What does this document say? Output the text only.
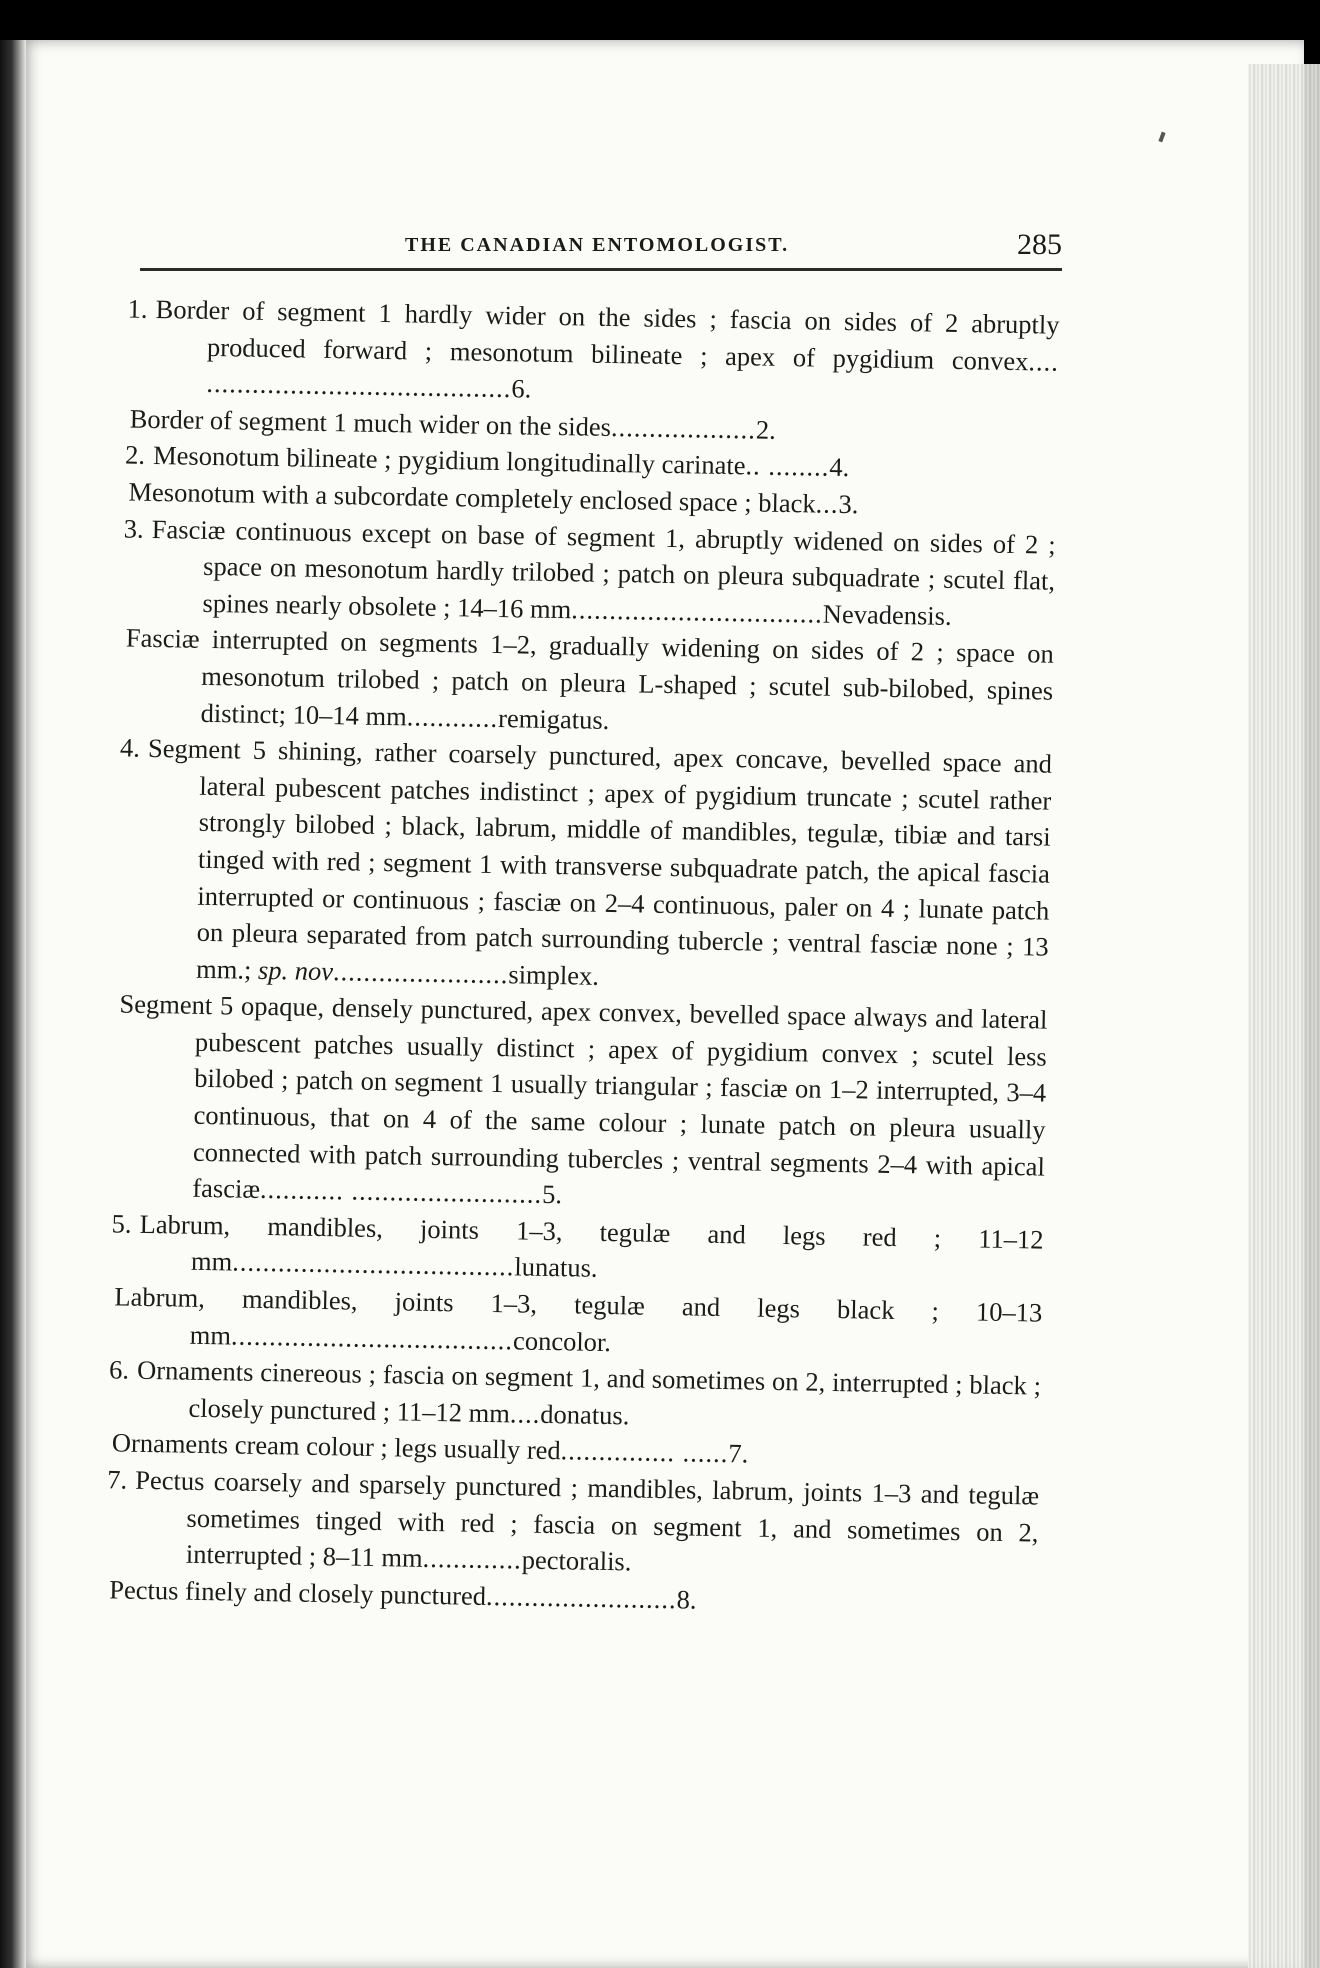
THE CANADIAN ENTOMOLOGIST.	285

1. Border of segment 1 hardly wider on the sides ; fascia on sides of 2 abruptly produced forward ; mesonotum bilineate ; apex of pygidium convex.... ........................................6.

Border of segment 1 much wider on the sides...................2.

2. Mesonotum bilineate ; pygidium longitudinally carinate.. ........4.

Mesonotum with a subcordate completely enclosed space ; black...3.

3. Fasciæ continuous except on base of segment 1, abruptly widened on sides of 2 ; space on mesonotum hardly trilobed ; patch on pleura subquadrate ; scutel flat, spines nearly obsolete ; 14–16 mm.................................Nevadensis.

Fasciæ interrupted on segments 1–2, gradually widening on sides of 2 ; space on mesonotum trilobed ; patch on pleura L-shaped ; scutel sub-bilobed, spines distinct; 10–14 mm............remigatus.

4. Segment 5 shining, rather coarsely punctured, apex concave, bevelled space and lateral pubescent patches indistinct ; apex of pygidium truncate ; scutel rather strongly bilobed ; black, labrum, middle of mandibles, tegulæ, tibiæ and tarsi tinged with red ; segment 1 with transverse subquadrate patch, the apical fascia interrupted or continuous ; fasciæ on 2–4 continuous, paler on 4 ; lunate patch on pleura separated from patch surrounding tubercle ; ventral fasciæ none ; 13 mm.; sp. nov.......................simplex.

Segment 5 opaque, densely punctured, apex convex, bevelled space always and lateral pubescent patches usually distinct ; apex of pygidium convex ; scutel less bilobed ; patch on segment 1 usually triangular ; fasciæ on 1–2 interrupted, 3–4 continuous, that on 4 of the same colour ; lunate patch on pleura usually connected with patch surrounding tubercles ; ventral segments 2–4 with apical fasciæ........... .........................5.

5. Labrum, mandibles, joints 1–3, tegulæ and legs red ; 11–12 mm.....................................lunatus.

Labrum, mandibles, joints 1–3, tegulæ and legs black ; 10–13 mm.....................................concolor.

6. Ornaments cinereous ; fascia on segment 1, and sometimes on 2, interrupted ; black ; closely punctured ; 11–12 mm....donatus.

Ornaments cream colour ; legs usually red............... ......7.

7. Pectus coarsely and sparsely punctured ; mandibles, labrum, joints 1–3 and tegulæ sometimes tinged with red ; fascia on segment 1, and sometimes on 2, interrupted ; 8–11 mm.............pectoralis.

Pectus finely and closely punctured.........................8.
